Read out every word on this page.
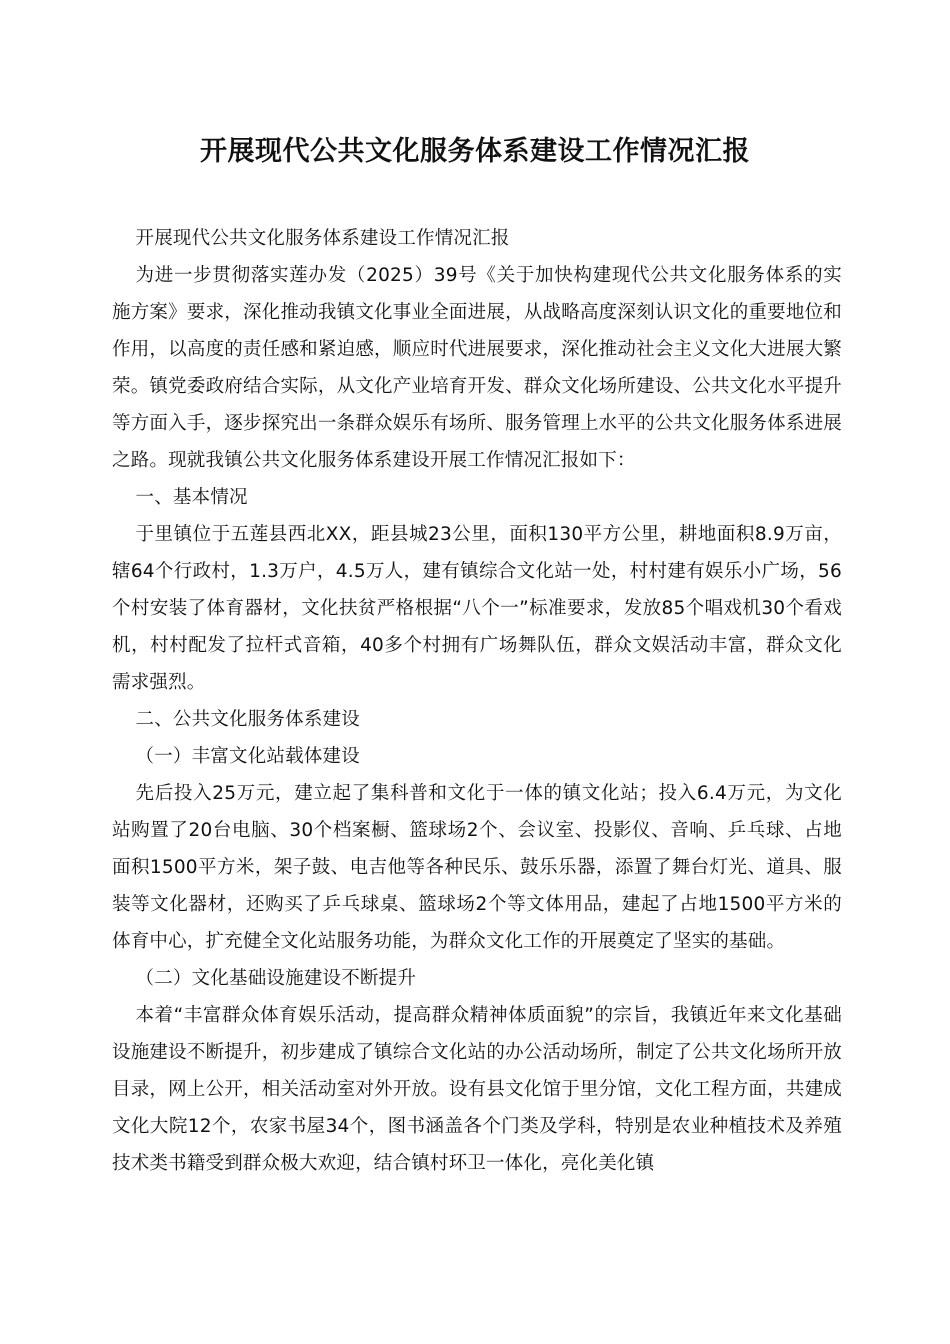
开展现代公共文化服务体系建设工作情况汇报

开展现代公共文化服务体系建设工作情况汇报

为进一步贯彻落实莲办发（2025）39号《关于加快构建现代公共文化服务体系的实施方案》要求，深化推动我镇文化事业全面进展，从战略高度深刻认识文化的重要地位和作用，以高度的责任感和紧迫感，顺应时代进展要求，深化推动社会主义文化大进展大繁荣。镇党委政府结合实际，从文化产业培育开发、群众文化场所建设、公共文化水平提升等方面入手，逐步探究出一条群众娱乐有场所、服务管理上水平的公共文化服务体系进展之路。现就我镇公共文化服务体系建设开展工作情况汇报如下：

一、基本情况

于里镇位于五莲县西北XX，距县城23公里，面积130平方公里，耕地面积8.9万亩，辖64个行政村，1.3万户，4.5万人，建有镇综合文化站一处，村村建有娱乐小广场，56个村安装了体育器材，文化扶贫严格根据“八个一”标准要求，发放85个唱戏机30个看戏机，村村配发了拉杆式音箱，40多个村拥有广场舞队伍，群众文娱活动丰富，群众文化需求强烈。

二、公共文化服务体系建设

（一）丰富文化站载体建设

先后投入25万元，建立起了集科普和文化于一体的镇文化站；投入6.4万元，为文化站购置了20台电脑、30个档案橱、篮球场2个、会议室、投影仪、音响、乒乓球、占地面积1500平方米，架子鼓、电吉他等各种民乐、鼓乐乐器，添置了舞台灯光、道具、服装等文化器材，还购买了乒乓球桌、篮球场2个等文体用品，建起了占地1500平方米的体育中心，扩充健全文化站服务功能，为群众文化工作的开展奠定了坚实的基础。

（二）文化基础设施建设不断提升

本着“丰富群众体育娱乐活动，提高群众精神体质面貌”的宗旨，我镇近年来文化基础设施建设不断提升，初步建成了镇综合文化站的办公活动场所，制定了公共文化场所开放目录，网上公开，相关活动室对外开放。设有县文化馆于里分馆，文化工程方面，共建成文化大院12个，农家书屋34个，图书涵盖各个门类及学科，特别是农业种植技术及养殖技术类书籍受到群众极大欢迎，结合镇村环卫一体化，亮化美化镇
